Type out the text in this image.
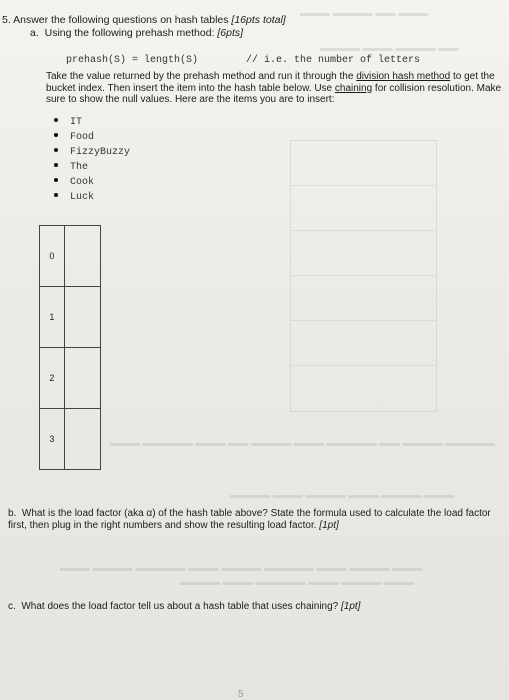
▬▬▬ ▬▬▬▬ ▬▬ ▬▬▬
▬▬▬▬ ▬▬▬ ▬▬▬▬ ▬▬
▬▬▬ ▬▬▬▬▬ ▬▬▬ ▬▬ ▬▬▬▬ ▬▬▬ ▬▬▬▬▬ ▬▬ ▬▬▬▬ ▬▬▬▬▬
▬▬▬▬ ▬▬▬ ▬▬▬▬ ▬▬▬ ▬▬▬▬ ▬▬▬
▬▬▬ ▬▬▬▬ ▬▬▬▬▬ ▬▬▬ ▬▬▬▬ ▬▬▬▬▬ ▬▬▬ ▬▬▬▬ ▬▬▬
▬▬▬▬ ▬▬▬ ▬▬▬▬▬ ▬▬▬ ▬▬▬▬ ▬▬▬
5. Answer the following questions on hash tables [16pts total]
a. Using the following prehash method: [6pts]
prehash(S) = length(S)        // i.e. the number of letters
Take the value returned by the prehash method and run it through the division hash method to get the bucket index. Then insert the item into the hash table below. Use chaining for collision resolution. Make sure to show the null values. Here are the items you are to insert:
IT
Food
FizzyBuzzy
The
Cook
Luck
0	
1	
2	
3	
b. What is the load factor (aka α) of the hash table above? State the formula used to calculate the load factor first, then plug in the right numbers and show the resulting load factor. [1pt]
c. What does the load factor tell us about a hash table that uses chaining? [1pt]
5
